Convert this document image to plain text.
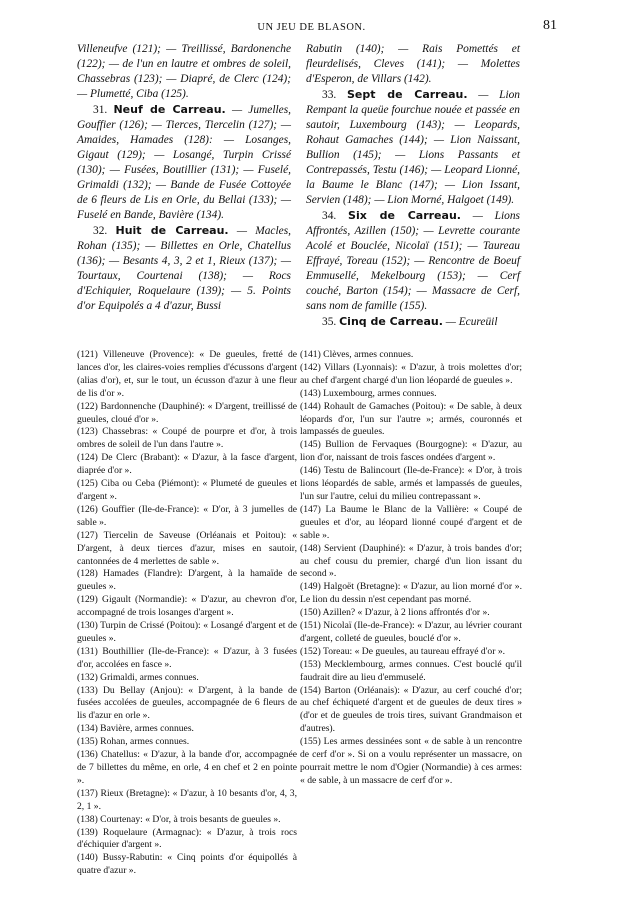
UN JEU DE BLASON.	81

Villeneufve (121); — Treillissé, Bardonenche (122); — de l'un en lautre et ombres de soleil, Chassebras (123); — Diapré, de Clerc (124); — Plumetté, Ciba (125).

31. Neuf de Carreau. — Jumelles, Gouffier (126); — Tierces, Tiercelin (127); — Amaides, Hamades (128): — Losanges, Gigaut (129); — Losangé, Turpin Crissé (130); — Fusées, Boutillier (131); — Fuselé, Grimaldi (132); — Bande de Fusée Cottoyée de 6 fleurs de Lis en Orle, du Bellai (133); — Fuselé en Bande, Bavière (134).

32. Huit de Carreau. — Macles, Rohan (135); — Billettes en Orle, Chatellus (136); — Besants 4, 3, 2 et 1, Rieux (137); — Tourtaux, Courtenai (138); — Rocs d'Echiquier, Roquelaure (139); — 5. Points d'or Equipolés a 4 d'azur, Bussi

Rabutin (140); — Rais Pomettés et fleurdelisés, Cleves (141); — Molettes d'Esperon, de Villars (142).

33. Sept de Carreau. — Lion Rempant la queüe fourchue nouée et passée en sautoir, Luxembourg (143); — Leopards, Rohaut Gamaches (144); — Lion Naissant, Bullion (145); — Lions Passants et Contrepassés, Testu (146); — Leopard Lionné, la Baume le Blanc (147); — Lion Issant, Servien (148); — Lion Morné, Halgoet (149).

34. Six de Carreau. — Lions Affrontés, Azillen (150); — Levrette courante Acolé et Bouclée, Nicolaï (151); — Taureau Effrayé, Toreau (152); — Rencontre de Boeuf Emmusellé, Mekelbourg (153); — Cerf couché, Barton (154); — Massacre de Cerf, sans nom de famille (155).

35. Cinq de Carreau. — Ecureüil

(121) Villeneuve (Provence): « De gueules, fretté de lances d'or, les claires-voies remplies d'écussons d'argent (alias d'or), et, sur le tout, un écusson d'azur à une fleur de lis d'or ».
(122) Bardonnenche (Dauphiné): « D'argent, treillissé de gueules, cloué d'or ».
(123) Chassebras: « Coupé de pourpre et d'or, à trois ombres de soleil de l'un dans l'autre ».
(124) De Clerc (Brabant): « D'azur, à la fasce d'argent, diaprée d'or ».
(125) Ciba ou Ceba (Piémont): « Plumeté de gueules et d'argent ».
(126) Gouffier (Ile-de-France): « D'or, à 3 jumelles de sable ».
(127) Tiercelin de Saveuse (Orléanais et Poitou): « D'argent, à deux tierces d'azur, mises en sautoir, cantonnées de 4 merlettes de sable ».
(128) Hamades (Flandre): D'argent, à la hamaïde de gueules ».
(129) Gigault (Normandie): « D'azur, au chevron d'or, accompagné de trois losanges d'argent ».
(130) Turpin de Crissé (Poitou): « Losangé d'argent et de gueules ».
(131) Bouthillier (Ile-de-France): « D'azur, à 3 fusées d'or, accolées en fasce ».
(132) Grimaldi, armes connues.
(133) Du Bellay (Anjou): « D'argent, à la bande de fusées accolées de gueules, accompagnée de 6 fleurs de lis d'azur en orle ».
(134) Bavière, armes connues.
(135) Rohan, armes connues.
(136) Chatellus: « D'azur, à la bande d'or, accompagnée de 7 billettes du même, en orle, 4 en chef et 2 en pointe ».
(137) Rieux (Bretagne): « D'azur, à 10 besants d'or, 4, 3, 2, 1 ».
(138) Courtenay: « D'or, à trois besants de gueules ».
(139) Roquelaure (Armagnac): « D'azur, à trois rocs d'échiquier d'argent ».
(140) Bussy-Rabutin: « Cinq points d'or équipollés à quatre d'azur ».
(141) Clèves, armes connues.
(142) Villars (Lyonnais): « D'azur, à trois molettes d'or; au chef d'argent chargé d'un lion léopardé de gueules ».
(143) Luxembourg, armes connues.
(144) Rohault de Gamaches (Poitou): « De sable, à deux léopards d'or, l'un sur l'autre »; armés, couronnés et lampassés de gueules.
(145) Bullion de Fervaques (Bourgogne): « D'azur, au lion d'or, naissant de trois fasces ondées d'argent ».
(146) Testu de Balincourt (Ile-de-France): « D'or, à trois lions léopardés de sable, armés et lampassés de gueules, l'un sur l'autre, celui du milieu contrepassant ».
(147) La Baume le Blanc de la Vallière: « Coupé de gueules et d'or, au léopard lionné coupé d'argent et de sable ».
(148) Servient (Dauphiné): « D'azur, à trois bandes d'or; au chef cousu du premier, chargé d'un lion issant du second ».
(149) Halgoët (Bretagne): « D'azur, au lion morné d'or ». Le lion du dessin n'est cependant pas morné.
(150) Azillen? « D'azur, à 2 lions affrontés d'or ».
(151) Nicolaï (Ile-de-France): « D'azur, au lévrier courant d'argent, colleté de gueules, bouclé d'or ».
(152) Toreau: « De gueules, au taureau effrayé d'or ».
(153) Mecklembourg, armes connues. C'est bouclé qu'il faudrait dire au lieu d'emmuselé.
(154) Barton (Orléanais): « D'azur, au cerf couché d'or; au chef échiqueté d'argent et de gueules de deux tires » (d'or et de gueules de trois tires, suivant Grandmaison et d'autres).
(155) Les armes dessinées sont « de sable à un rencontre de cerf d'or ». Si on a voulu représenter un massacre, on pourrait mettre le nom d'Ogier (Normandie) à ces armes: « de sable, à un massacre de cerf d'or ».
